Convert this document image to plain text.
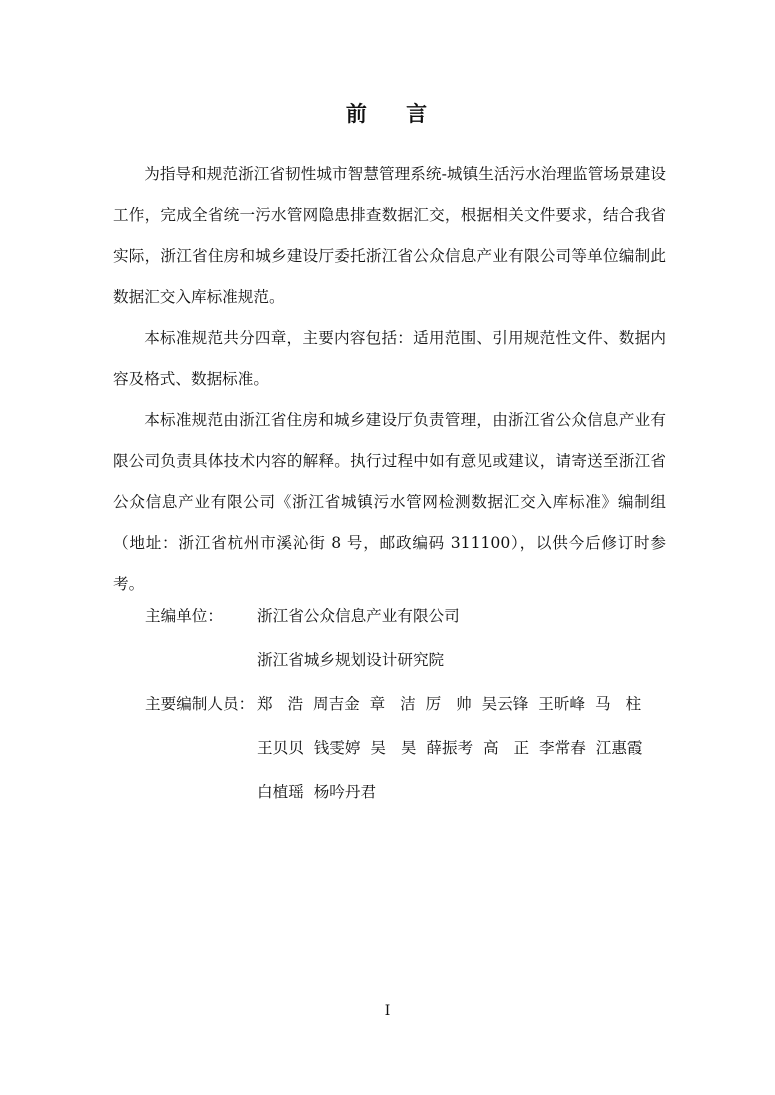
前    言

为指导和规范浙江省韧性城市智慧管理系统-城镇生活污水治理监管场景建设工作，完成全省统一污水管网隐患排查数据汇交，根据相关文件要求，结合我省实际，浙江省住房和城乡建设厅委托浙江省公众信息产业有限公司等单位编制此数据汇交入库标准规范。

本标准规范共分四章，主要内容包括：适用范围、引用规范性文件、数据内容及格式、数据标准。

本标准规范由浙江省住房和城乡建设厅负责管理，由浙江省公众信息产业有限公司负责具体技术内容的解释。执行过程中如有意见或建议，请寄送至浙江省公众信息产业有限公司《浙江省城镇污水管网检测数据汇交入库标准》编制组（地址：浙江省杭州市溪沁街 8 号，邮政编码 311100），以供今后修订时参考。

主编单位： 浙江省公众信息产业有限公司
浙江省城乡规划设计研究院
主要编制人员： 郑   浩  周吉金  章   洁  厉   帅  吴云锋  王昕峰  马   柱
王贝贝  钱雯婷  吴   昊  薛振考  高   正  李常春  江惠霞
白植瑶  杨吟丹君
I
